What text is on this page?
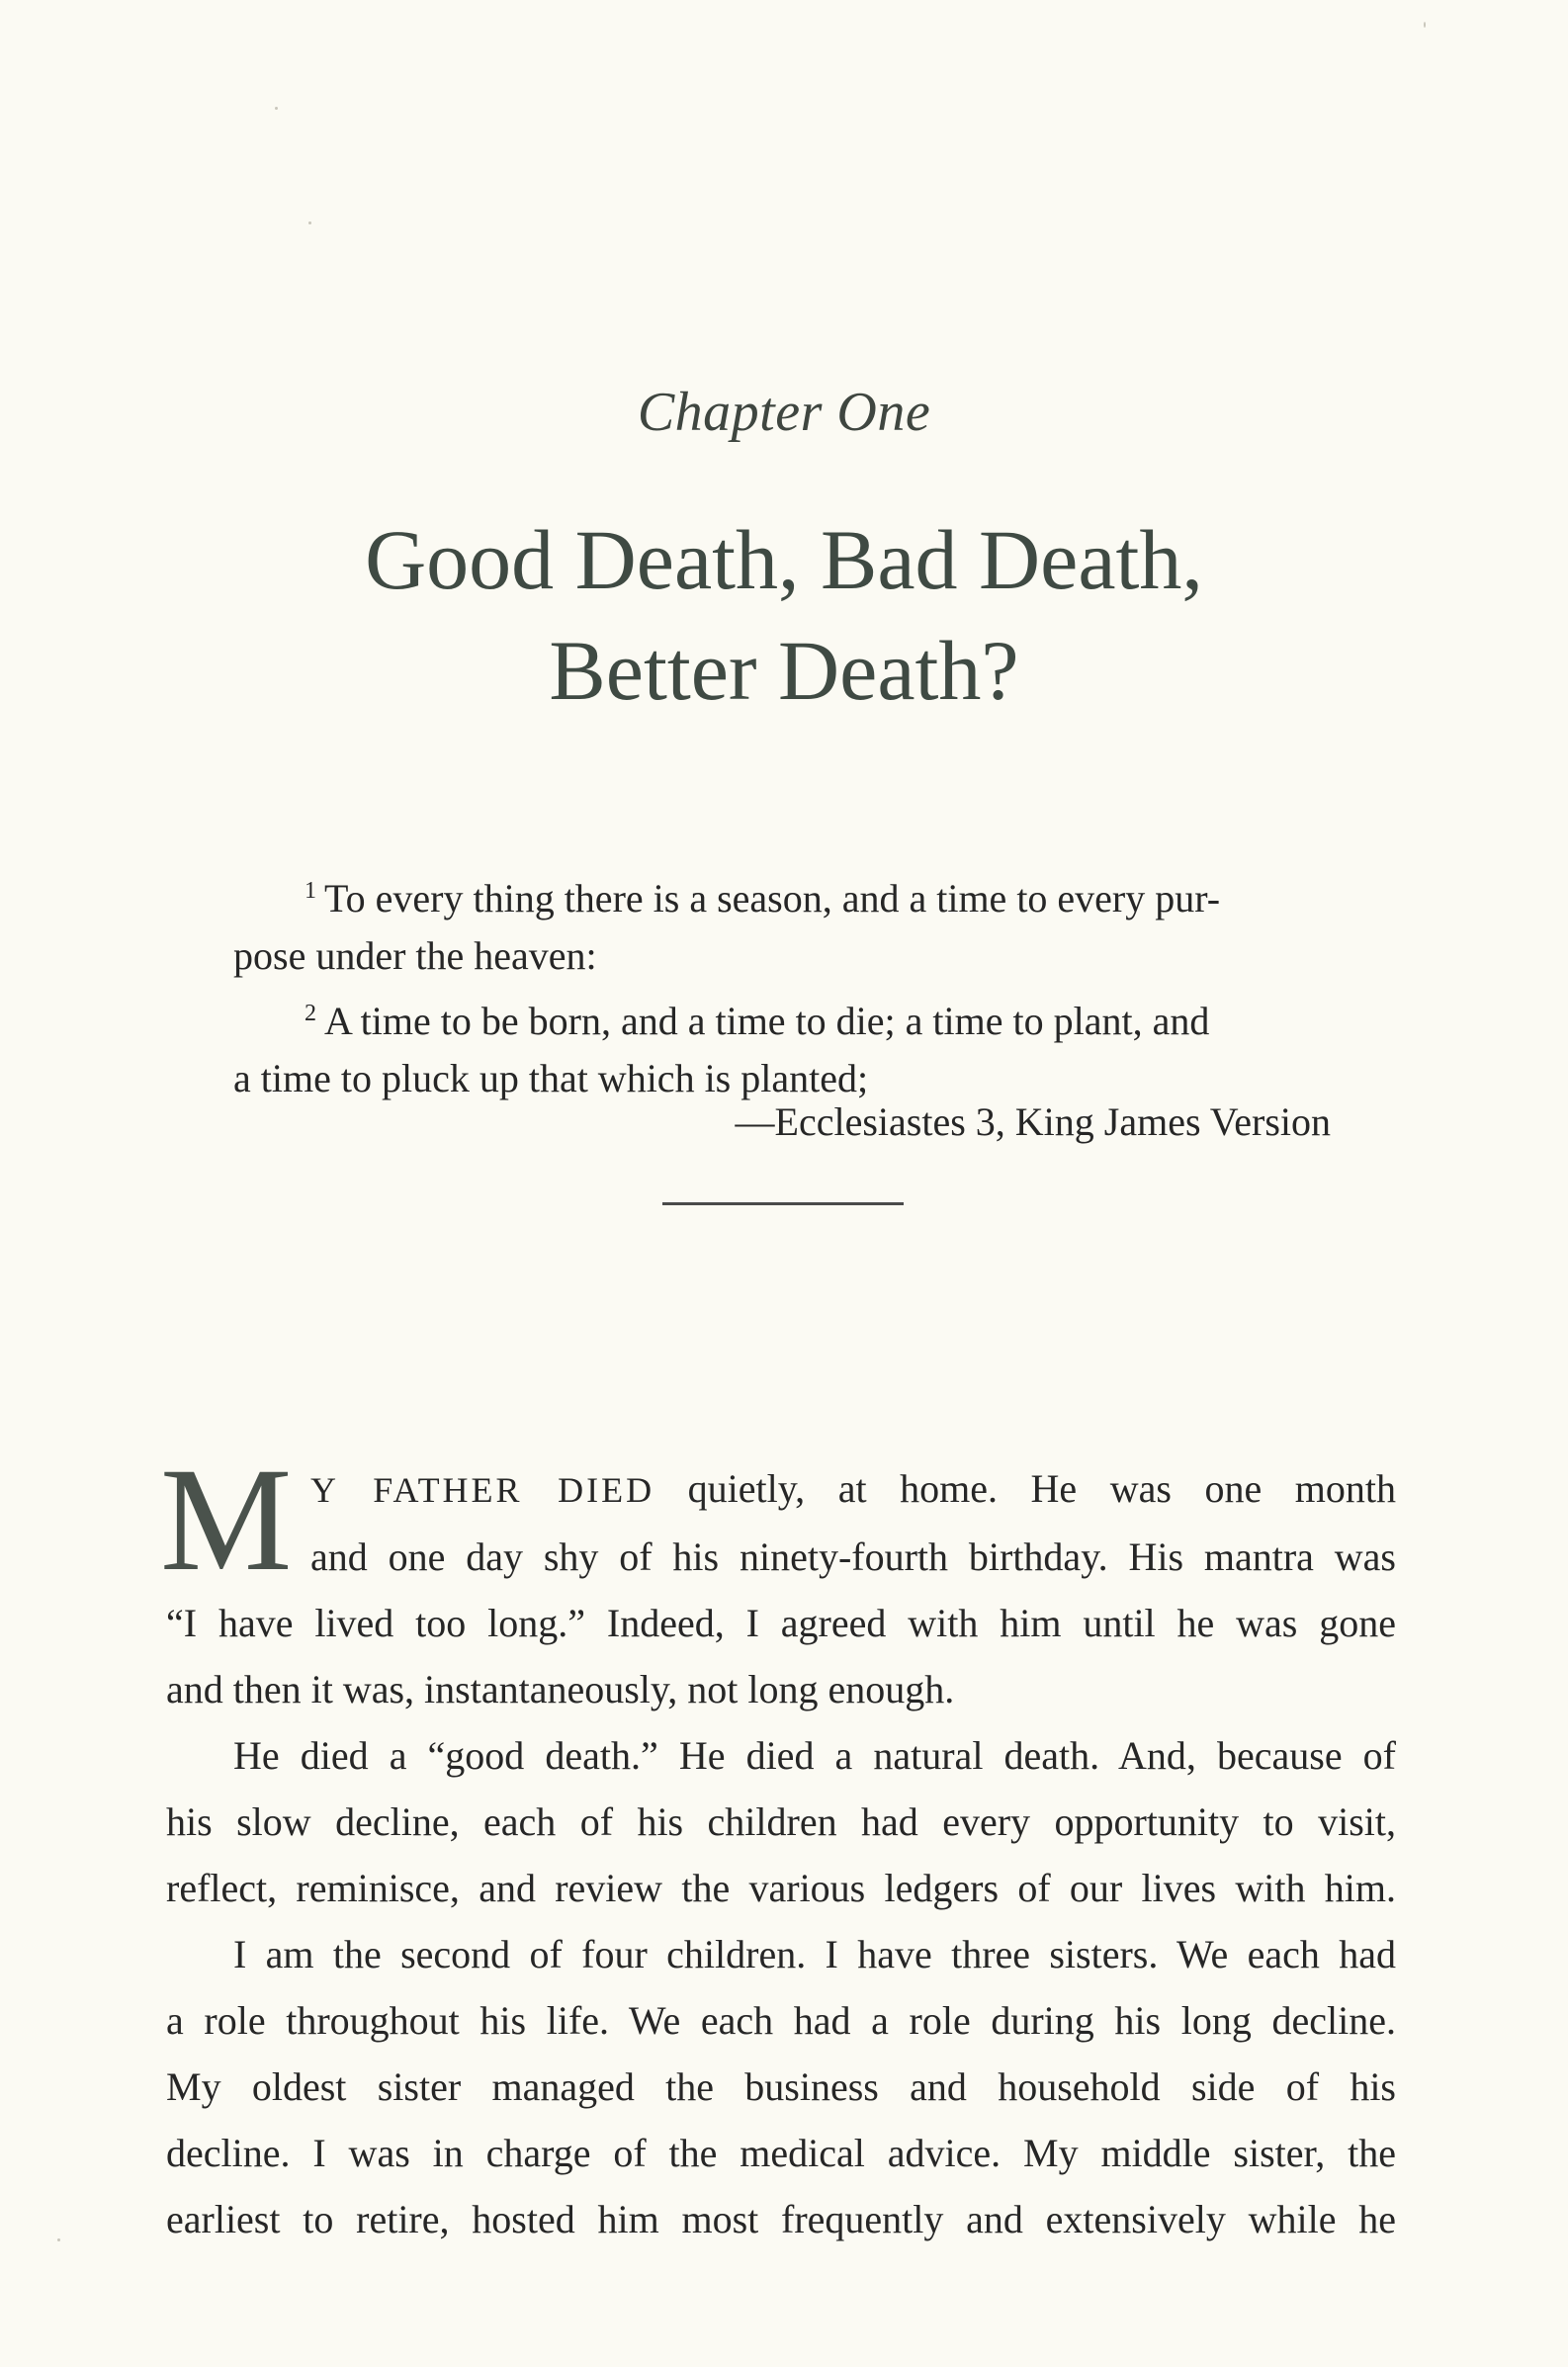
Chapter One
Good Death, Bad Death,
Better Death?
$^1$ To every thing there is a season, and a time to every pur-
pose under the heaven:
$^2$ A time to be born, and a time to die; a time to plant, and
a time to pluck up that which is planted;
—Ecclesiastes 3, King James Version
M Y FATHER DIED quietly, at home. He was one month
and one day shy of his ninety-fourth birthday. His mantra was
“I have lived too long.” Indeed, I agreed with him until he was gone
and then it was, instantaneously, not long enough.
He died a “good death.” He died a natural death. And, because of
his slow decline, each of his children had every opportunity to visit,
reflect, reminisce, and review the various ledgers of our lives with him.
I am the second of four children. I have three sisters. We each had
a role throughout his life. We each had a role during his long decline.
My oldest sister managed the business and household side of his
decline. I was in charge of the medical advice. My middle sister, the
earliest to retire, hosted him most frequently and extensively while he
